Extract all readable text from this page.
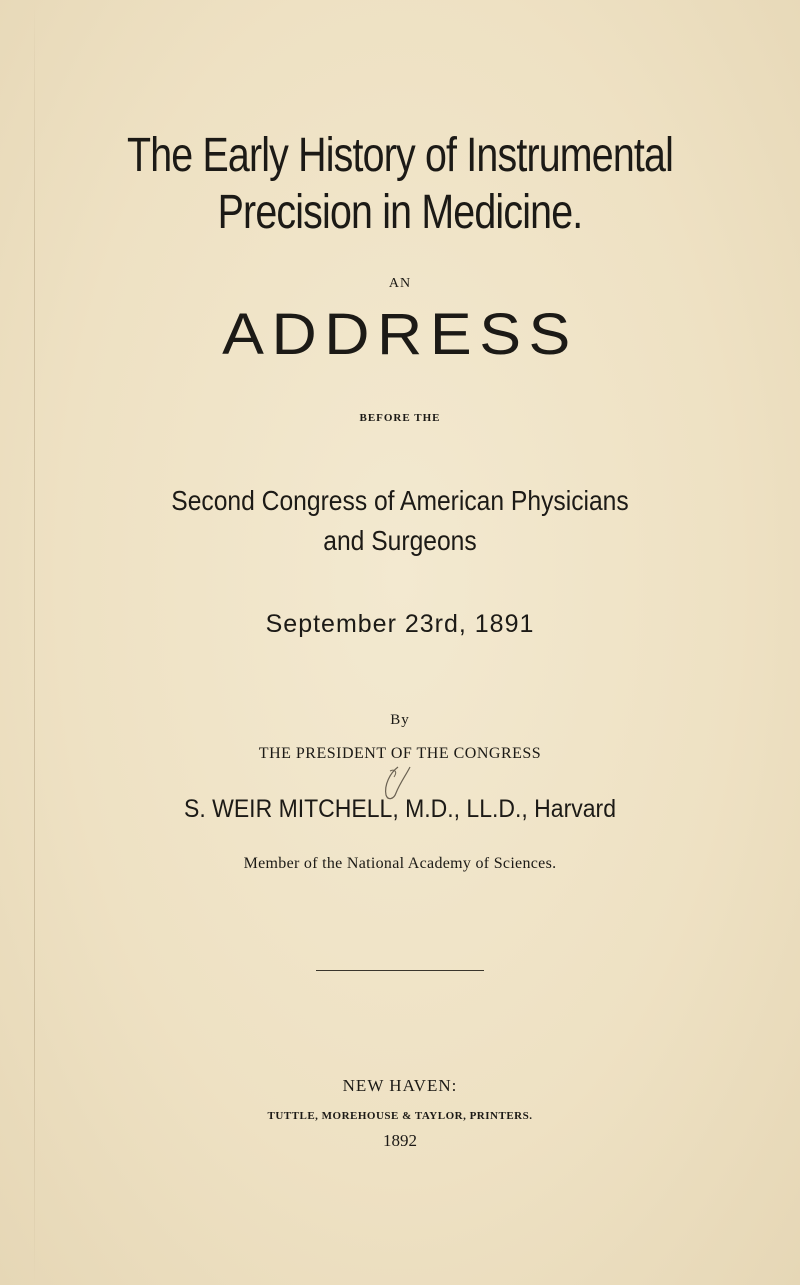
The Early History of Instrumental
Precision in Medicine.
AN
ADDRESS
BEFORE THE
Second Congress of American Physicians
and Surgeons
September 23rd, 1891
By
THE PRESIDENT OF THE CONGRESS
S. WEIR MITCHELL, M.D., LL.D., Harvard
Member of the National Academy of Sciences.
NEW HAVEN:
TUTTLE, MOREHOUSE & TAYLOR, PRINTERS.
1892
